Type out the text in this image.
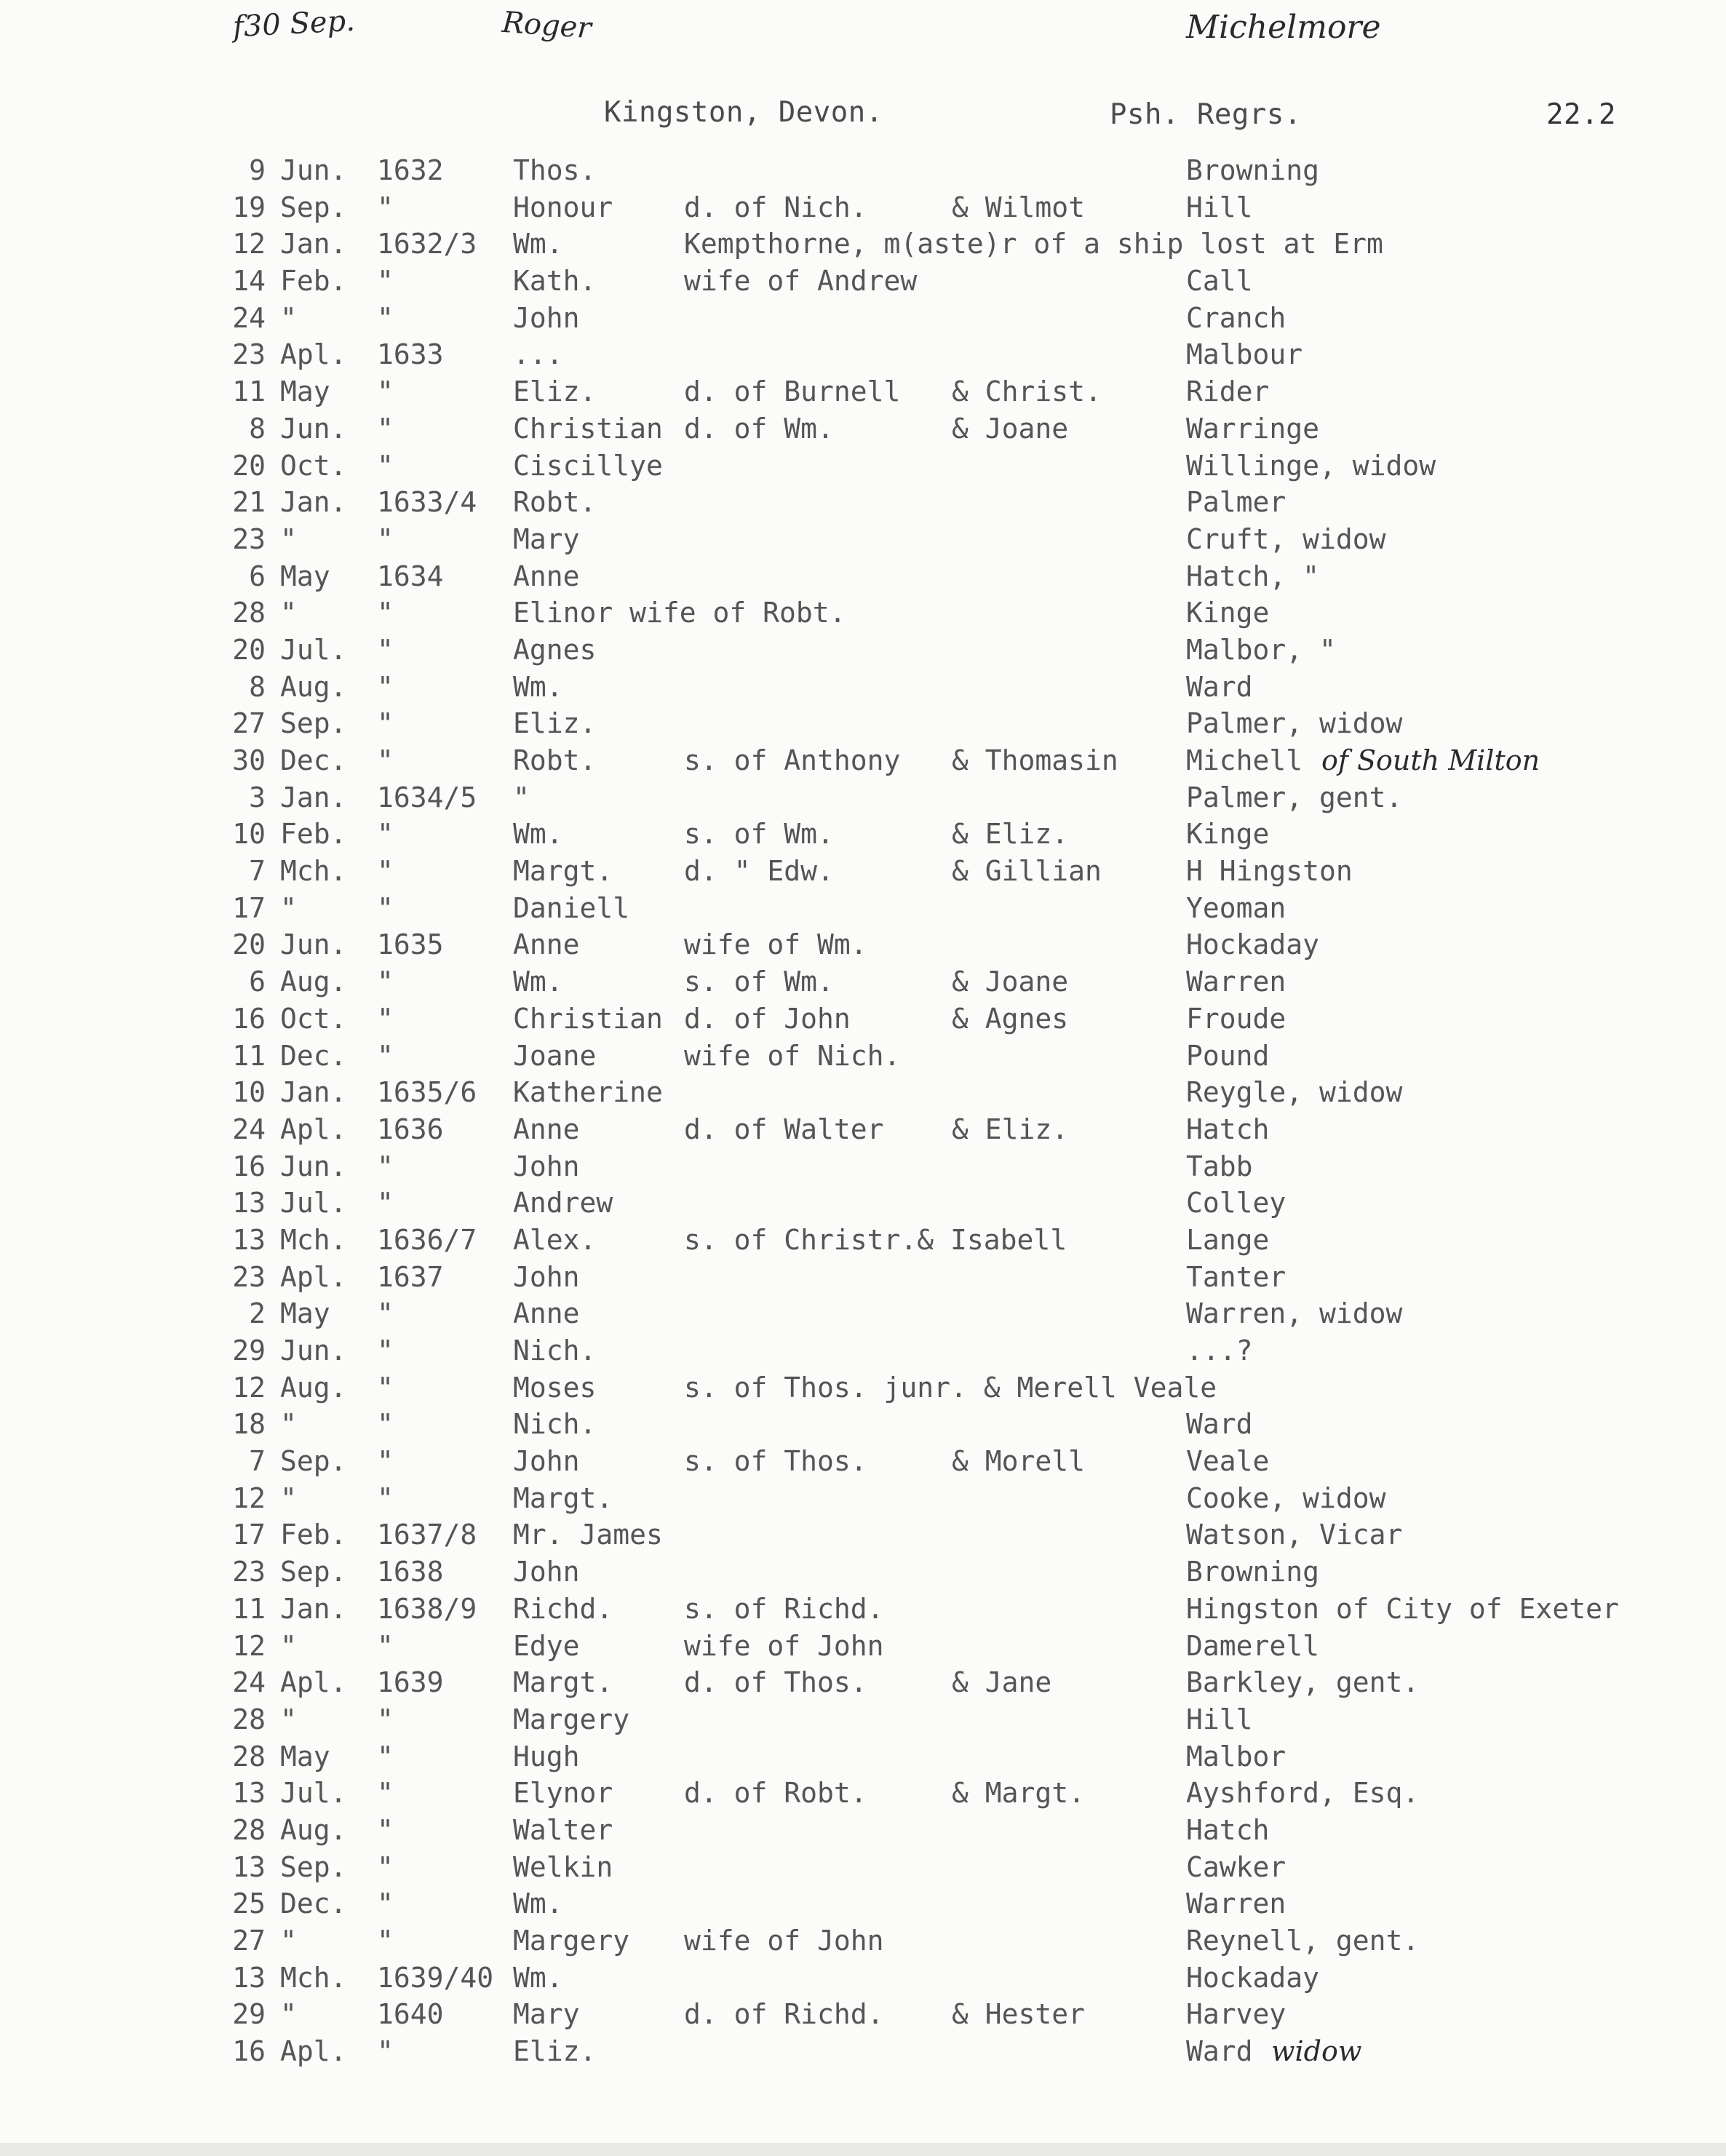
f30 Sep.	Roger	Michelmore
Kingston, Devon.	Psh. Regrs.	22.2
9 Jun. 1632	Thos.	Browning
19 Sep. "	Honour	d. of Nich.	& Wilmot	Hill
12 Jan. 1632/3 Wm.	Kempthorne, m(aste)r of a ship lost at Erm
14 Feb. "	Kath.	wife of Andrew	Call
24 "	"	John	Cranch
23 Apl. 1633	...	Malbour
11 May "	Eliz.	d. of Burnell & Christ.	Rider
8 Jun. "	Christian d. of Wm.	& Joane	Warringe
20 Oct. "	Ciscillye	Willinge, widow
21 Jan. 1633/4 Robt.	Palmer
23 "	"	Mary	Cruft, widow
6 May 1634	Anne	Hatch, "
28 "	"	Elinor wife of Robt.	Kinge
20 Jul. "	Agnes	Malbor, "
8 Aug. "	Wm.	Ward
27 Sep. "	Eliz.	Palmer, widow
30 Dec. "	Robt.	s. of Anthony & Thomasin Michell of South Milton
3 Jan. 1634/5 "	Palmer, gent.
10 Feb. "	Wm.	s. of Wm.	& Eliz.	Kinge
7 Mch. "	Margt.	d. " Edw.	& Gillian	H Hingston
17 "	"	Daniell	Yeoman
20 Jun. 1635	Anne	wife of Wm.	Hockaday
6 Aug. "	Wm.	s. of Wm.	& Joane	Warren
16 Oct. "	Christian d. of John	& Agnes	Froude
11 Dec. "	Joane	wife of Nich.	Pound
10 Jan. 1635/6 Katherine	Reygle, widow
24 Apl. 1636	Anne	d. of Walter & Eliz.	Hatch
16 Jun. "	John	Tabb
13 Jul. "	Andrew	Colley
13 Mch. 1636/7 Alex.	s. of Christr.& Isabell	Lange
23 Apl. 1637	John	Tanter
2 May "	Anne	Warren, widow
29 Jun. "	Nich.	...?
12 Aug. "	Moses	s. of Thos. junr. & Merell Veale
18 "	"	Nich.	Ward
7 Sep. "	John	s. of Thos.	& Morell	Veale
12 "	"	Margt.	Cooke, widow
17 Feb. 1637/8 Mr. James	Watson, Vicar
23 Sep. 1638	John	Browning
11 Jan. 1638/9 Richd.	s. of Richd.	Hingston of City of Exeter
12 "	"	Edye	wife of John	Damerell
24 Apl. 1639	Margt.	d. of Thos.	& Jane	Barkley, gent.
28 "	"	Margery	Hill
28 May "	Hugh	Malbor
13 Jul. "	Elynor	d. of Robt.	& Margt.	Ayshford, Esq.
28 Aug. "	Walter	Hatch
13 Sep. "	Welkin	Cawker
25 Dec. "	Wm.	Warren
27 "	"	Margery wife of John	Reynell, gent.
13 Mch. 1639/40 Wm.	Hockaday
29 "	1640	Mary	d. of Richd. & Hester	Harvey
16 Apl. "	Eliz.	Ward widow
